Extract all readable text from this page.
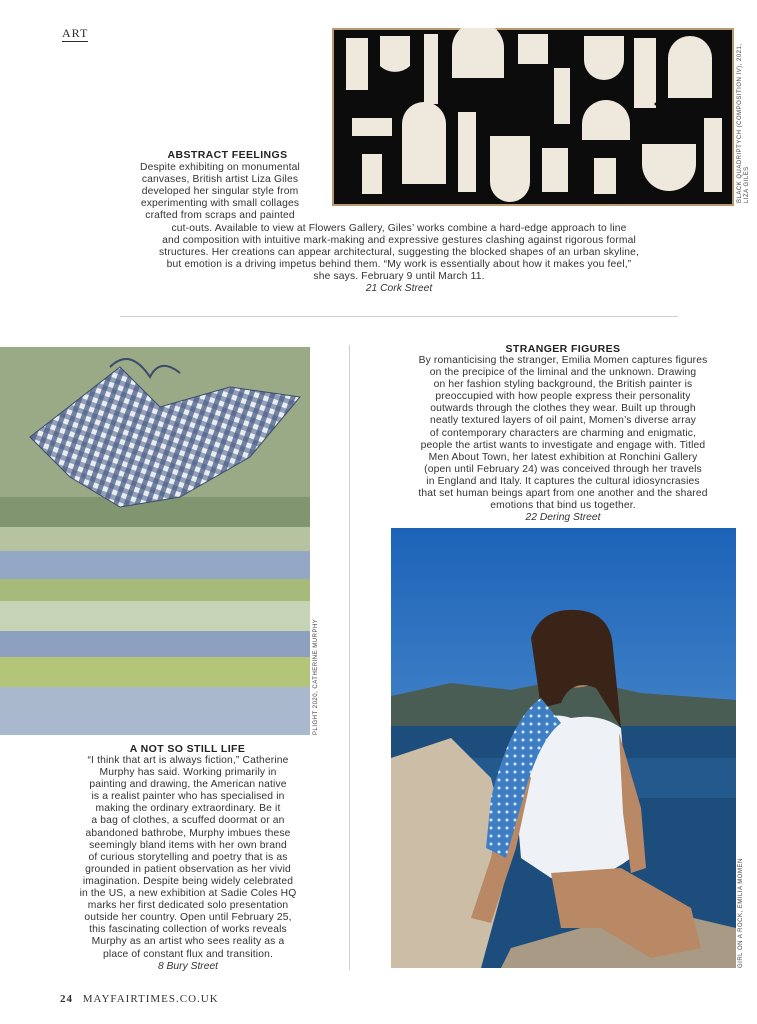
ART
BLACK QUADRIPTYCH (COMPOSITION IV), 2021, LIZA GILES
ABSTRACT FEELINGS

Despite exhibiting on monumental

canvases, British artist Liza Giles

developed her singular style from

experimenting with small collages

crafted from scraps and painted

cut-outs. Available to view at Flowers Gallery, Giles’ works combine a hard-edge approach to line

and composition with intuitive mark-making and expressive gestures clashing against rigorous formal

structures. Her creations can appear architectural, suggesting the blocked shapes of an urban skyline,

but emotion is a driving impetus behind them. “My work is essentially about how it makes you feel,”

she says. February 9 until March 11.

21 Cork Street
PLIGHT 2020, CATHERINE MURPHY
STRANGER FIGURES

By romanticising the stranger, Emilia Momen captures figures

on the precipice of the liminal and the unknown. Drawing

on her fashion styling background, the British painter is

preoccupied with how people express their personality

outwards through the clothes they wear. Built up through

neatly textured layers of oil paint, Momen’s diverse array

of contemporary characters are charming and enigmatic,

people the artist wants to investigate and engage with. Titled

Men About Town, her latest exhibition at Ronchini Gallery

(open until February 24) was conceived through her travels

in England and Italy. It captures the cultural idiosyncrasies

that set human beings apart from one another and the shared

emotions that bind us together.

22 Dering Street
GIRL ON A ROCK, EMILIA MOMEN
A NOT SO STILL LIFE

“I think that art is always fiction,” Catherine

Murphy has said. Working primarily in

painting and drawing, the American native

is a realist painter who has specialised in

making the ordinary extraordinary. Be it

a bag of clothes, a scuffed doormat or an

abandoned bathrobe, Murphy imbues these

seemingly bland items with her own brand

of curious storytelling and poetry that is as

grounded in patient observation as her vivid

imagination. Despite being widely celebrated

in the US, a new exhibition at Sadie Coles HQ

marks her first dedicated solo presentation

outside her country. Open until February 25,

this fascinating collection of works reveals

Murphy as an artist who sees reality as a

place of constant flux and transition.

8 Bury Street
24 MAYFAIRTIMES.CO.UK
